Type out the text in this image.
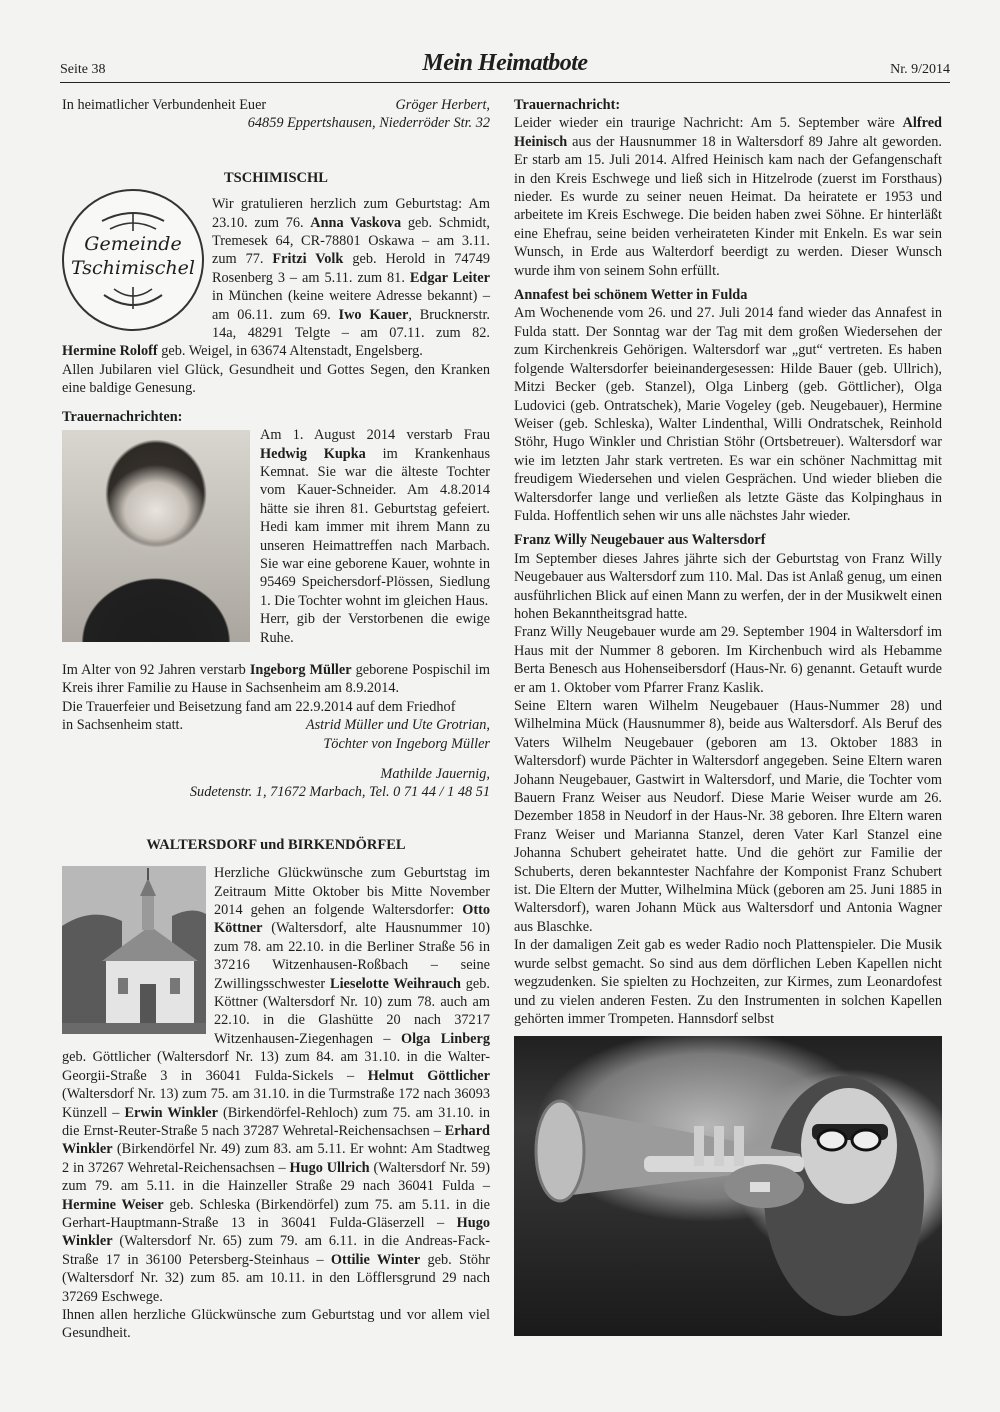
Seite 38	Mein Heimatbote	Nr. 9/2014
In heimatlicher Verbundenheit Euer	Gröger Herbert,

64859 Eppertshausen, Niederröder Str. 32

TSCHIMISCHL

Gemeinde
Tschimischel

Wir gratulieren herzlich zum Geburtstag: Am 23.10. zum 76. Anna Vaskova geb. Schmidt, Tremesek 64, CR-78801 Oskawa – am 3.11. zum 77. Fritzi Volk geb. Herold in 74749 Rosenberg 3 – am 5.11. zum 81. Edgar Leiter in München (keine weitere Adresse bekannt) – am 06.11. zum 69. Iwo Kauer, Brucknerstr. 14a, 48291 Telgte – am 07.11. zum 82. Hermine Roloff geb. Weigel, in 63674 Altenstadt, Engelsberg.

Allen Jubilaren viel Glück, Gesundheit und Gottes Segen, den Kranken eine baldige Genesung.

Trauernachrichten:

Am 1. August 2014 verstarb Frau Hedwig Kupka im Krankenhaus Kemnat. Sie war die älteste Tochter vom Kauer-Schneider. Am 4.8.2014 hätte sie ihren 81. Geburtstag gefeiert. Hedi kam immer mit ihrem Mann zu unseren Heimattreffen nach Marbach. Sie war eine geborene Kauer, wohnte in 95469 Speichersdorf-Plössen, Siedlung 1. Die Tochter wohnt im gleichen Haus.

Herr, gib der Verstorbenen die ewige Ruhe.

Im Alter von 92 Jahren verstarb Ingeborg Müller geborene Pospischil im Kreis ihrer Familie zu Hause in Sachsenheim am 8.9.2014.

Die Trauerfeier und Beisetzung fand am 22.9.2014 auf dem Friedhof

in Sachsenheim statt.	Astrid Müller und Ute Grotrian,

Töchter von Ingeborg Müller

Mathilde Jauernig,

Sudetenstr. 1, 71672 Marbach, Tel. 0 71 44 / 1 48 51

WALTERSDORF und BIRKENDÖRFEL

Herzliche Glückwünsche zum Geburtstag im Zeitraum Mitte Oktober bis Mitte November 2014 gehen an folgende Waltersdorfer: Otto Köttner (Waltersdorf, alte Hausnummer 10) zum 78. am 22.10. in die Berliner Straße 56 in 37216 Witzenhausen-Roßbach – seine Zwillingsschwester Lieselotte Weihrauch geb. Köttner (Waltersdorf Nr. 10) zum 78. auch am 22.10. in die Glashütte 20 nach 37217 Witzenhausen-Ziegenhagen – Olga Linberg geb. Göttlicher (Waltersdorf Nr. 13) zum 84. am 31.10. in die Walter-Georgii-Straße 3 in 36041 Fulda-Sickels – Helmut Göttlicher (Waltersdorf Nr. 13) zum 75. am 31.10. in die Turmstraße 172 nach 36093 Künzell – Erwin Winkler (Birkendörfel-Rehloch) zum 75. am 31.10. in die Ernst-Reuter-Straße 5 nach 37287 Wehretal-Reichensachsen – Erhard Winkler (Birkendörfel Nr. 49) zum 83. am 5.11. Er wohnt: Am Stadtweg 2 in 37267 Wehretal-Reichensachsen – Hugo Ullrich (Waltersdorf Nr. 59) zum 79. am 5.11. in die Hainzeller Straße 29 nach 36041 Fulda – Hermine Weiser geb. Schleska (Birkendörfel) zum 75. am 5.11. in die Gerhart-Hauptmann-Straße 13 in 36041 Fulda-Gläserzell – Hugo Winkler (Waltersdorf Nr. 65) zum 79. am 6.11. in die Andreas-Fack-Straße 17 in 36100 Petersberg-Steinhaus – Ottilie Winter geb. Stöhr (Waltersdorf Nr. 32) zum 85. am 10.11. in den Löfflersgrund 29 nach 37269 Eschwege.

Ihnen allen herzliche Glückwünsche zum Geburtstag und vor allem viel Gesundheit.

Trauernachricht:

Leider wieder ein traurige Nachricht: Am 5. September wäre Alfred Heinisch aus der Hausnummer 18 in Waltersdorf 89 Jahre alt geworden. Er starb am 15. Juli 2014. Alfred Heinisch kam nach der Gefangenschaft in den Kreis Eschwege und ließ sich in Hitzelrode (zuerst im Forsthaus) nieder. Es wurde zu seiner neuen Heimat. Da heiratete er 1953 und arbeitete im Kreis Eschwege. Die beiden haben zwei Söhne. Er hinterläßt eine Ehefrau, seine beiden verheirateten Kinder mit Enkeln. Es war sein Wunsch, in Erde aus Walterdorf beerdigt zu werden. Dieser Wunsch wurde ihm von seinem Sohn erfüllt.

Annafest bei schönem Wetter in Fulda

Am Wochenende vom 26. und 27. Juli 2014 fand wieder das Annafest in Fulda statt. Der Sonntag war der Tag mit dem großen Wiedersehen der zum Kirchenkreis Gehörigen. Waltersdorf war „gut“ vertreten. Es haben folgende Waltersdorfer beieinandergesessen: Hilde Bauer (geb. Ullrich), Mitzi Becker (geb. Stanzel), Olga Linberg (geb. Göttlicher), Olga Ludovici (geb. Ontratschek), Marie Vogeley (geb. Neugebauer), Hermine Weiser (geb. Schleska), Walter Lindenthal, Willi Ondratschek, Reinhold Stöhr, Hugo Winkler und Christian Stöhr (Ortsbetreuer). Waltersdorf war wie im letzten Jahr stark vertreten. Es war ein schöner Nachmittag mit freudigem Wiedersehen und vielen Gesprächen. Und wieder blieben die Waltersdorfer lange und verließen als letzte Gäste das Kolpinghaus in Fulda. Hoffentlich sehen wir uns alle nächstes Jahr wieder.

Franz Willy Neugebauer aus Waltersdorf

Im September dieses Jahres jährte sich der Geburtstag von Franz Willy Neugebauer aus Waltersdorf zum 110. Mal. Das ist Anlaß genug, um einen ausführlichen Blick auf einen Mann zu werfen, der in der Musikwelt einen hohen Bekanntheitsgrad hatte.

Franz Willy Neugebauer wurde am 29. September 1904 in Waltersdorf im Haus mit der Nummer 8 geboren. Im Kirchenbuch wird als Hebamme Berta Benesch aus Hohenseibersdorf (Haus-Nr. 6) genannt. Getauft wurde er am 1. Oktober vom Pfarrer Franz Kaslik.

Seine Eltern waren Wilhelm Neugebauer (Haus-Nummer 28) und Wilhelmina Mück (Hausnummer 8), beide aus Waltersdorf. Als Beruf des Vaters Wilhelm Neugebauer (geboren am 13. Oktober 1883 in Waltersdorf) wurde Pächter in Waltersdorf angegeben. Seine Eltern waren Johann Neugebauer, Gastwirt in Waltersdorf, und Marie, die Tochter vom Bauern Franz Weiser aus Neudorf. Diese Marie Weiser wurde am 26. Dezember 1858 in Neudorf in der Haus-Nr. 38 geboren. Ihre Eltern waren Franz Weiser und Marianna Stanzel, deren Vater Karl Stanzel eine Johanna Schubert geheiratet hatte. Und die gehört zur Familie der Schuberts, deren bekanntester Nachfahre der Komponist Franz Schubert ist. Die Eltern der Mutter, Wilhelmina Mück (geboren am 25. Juni 1885 in Waltersdorf), waren Johann Mück aus Waltersdorf und Antonia Wagner aus Blaschke.

In der damaligen Zeit gab es weder Radio noch Plattenspieler. Die Musik wurde selbst gemacht. So sind aus dem dörflichen Leben Kapellen nicht wegzudenken. Sie spielten zu Hochzeiten, zur Kirmes, zum Leonardofest und zu vielen anderen Festen. Zu den Instrumenten in solchen Kapellen gehörten immer Trompeten. Hannsdorf selbst
